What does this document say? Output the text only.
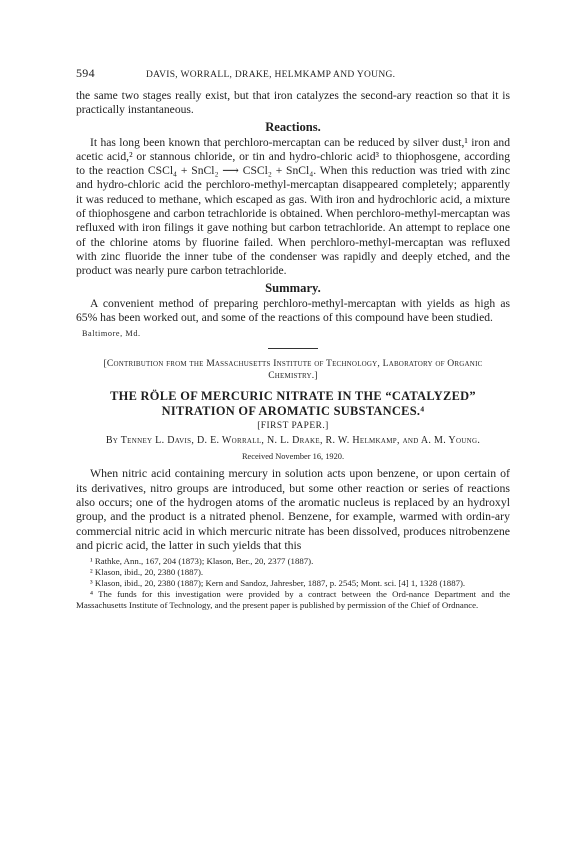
594	DAVIS, WORRALL, DRAKE, HELMKAMP AND YOUNG.

the same two stages really exist, but that iron catalyzes the second-ary reaction so that it is practically instantaneous.

Reactions.

It has long been known that perchloro-mercaptan can be reduced by silver dust,¹ iron and acetic acid,² or stannous chloride, or tin and hydro-chloric acid³ to thiophosgene, according to the reaction CSCl₄ + SnCl₂ ⟶ CSCl₂ + SnCl₄. When this reduction was tried with zinc and hydro-chloric acid the perchloro-methyl-mercaptan disappeared completely; apparently it was reduced to methane, which escaped as gas. With iron and hydrochloric acid, a mixture of thiophosgene and carbon tetrachloride is obtained. When perchloro-methyl-mercaptan was refluxed with iron filings it gave nothing but carbon tetrachloride. An attempt to replace one of the chlorine atoms by fluorine failed. When perchloro-methyl-mercaptan was refluxed with zinc fluoride the inner tube of the condenser was rapidly and deeply etched, and the product was nearly pure carbon tetrachloride.

Summary.

A convenient method of preparing perchloro-methyl-mercaptan with yields as high as 65% has been worked out, and some of the reactions of this compound have been studied.

Baltimore, Md.
[Contribution from the Massachusetts Institute of Technology, Laboratory of Organic Chemistry.]
THE RÖLE OF MERCURIC NITRATE IN THE “CATALYZED” NITRATION OF AROMATIC SUBSTANCES.⁴
[FIRST PAPER.]
By Tenney L. Davis, D. E. Worrall, N. L. Drake, R. W. Helmkamp, and A. M. Young.
Received November 16, 1920.

When nitric acid containing mercury in solution acts upon benzene, or upon certain of its derivatives, nitro groups are introduced, but some other reaction or series of reactions also occurs; one of the hydrogen atoms of the aromatic nucleus is replaced by an hydroxyl group, and the product is a nitrated phenol. Benzene, for example, warmed with ordin-ary commercial nitric acid in which mercuric nitrate has been dissolved, produces nitrobenzene and picric acid, the latter in such yields that this

¹ Rathke, Ann., 167, 204 (1873); Klason, Ber., 20, 2377 (1887).
² Klason, ibid., 20, 2380 (1887).
³ Klason, ibid., 20, 2380 (1887); Kern and Sandoz, Jahresber, 1887, p. 2545; Mont. sci. [4] 1, 1328 (1887).
⁴ The funds for this investigation were provided by a contract between the Ord-nance Department and the Massachusetts Institute of Technology, and the present paper is published by permission of the Chief of Ordnance.
